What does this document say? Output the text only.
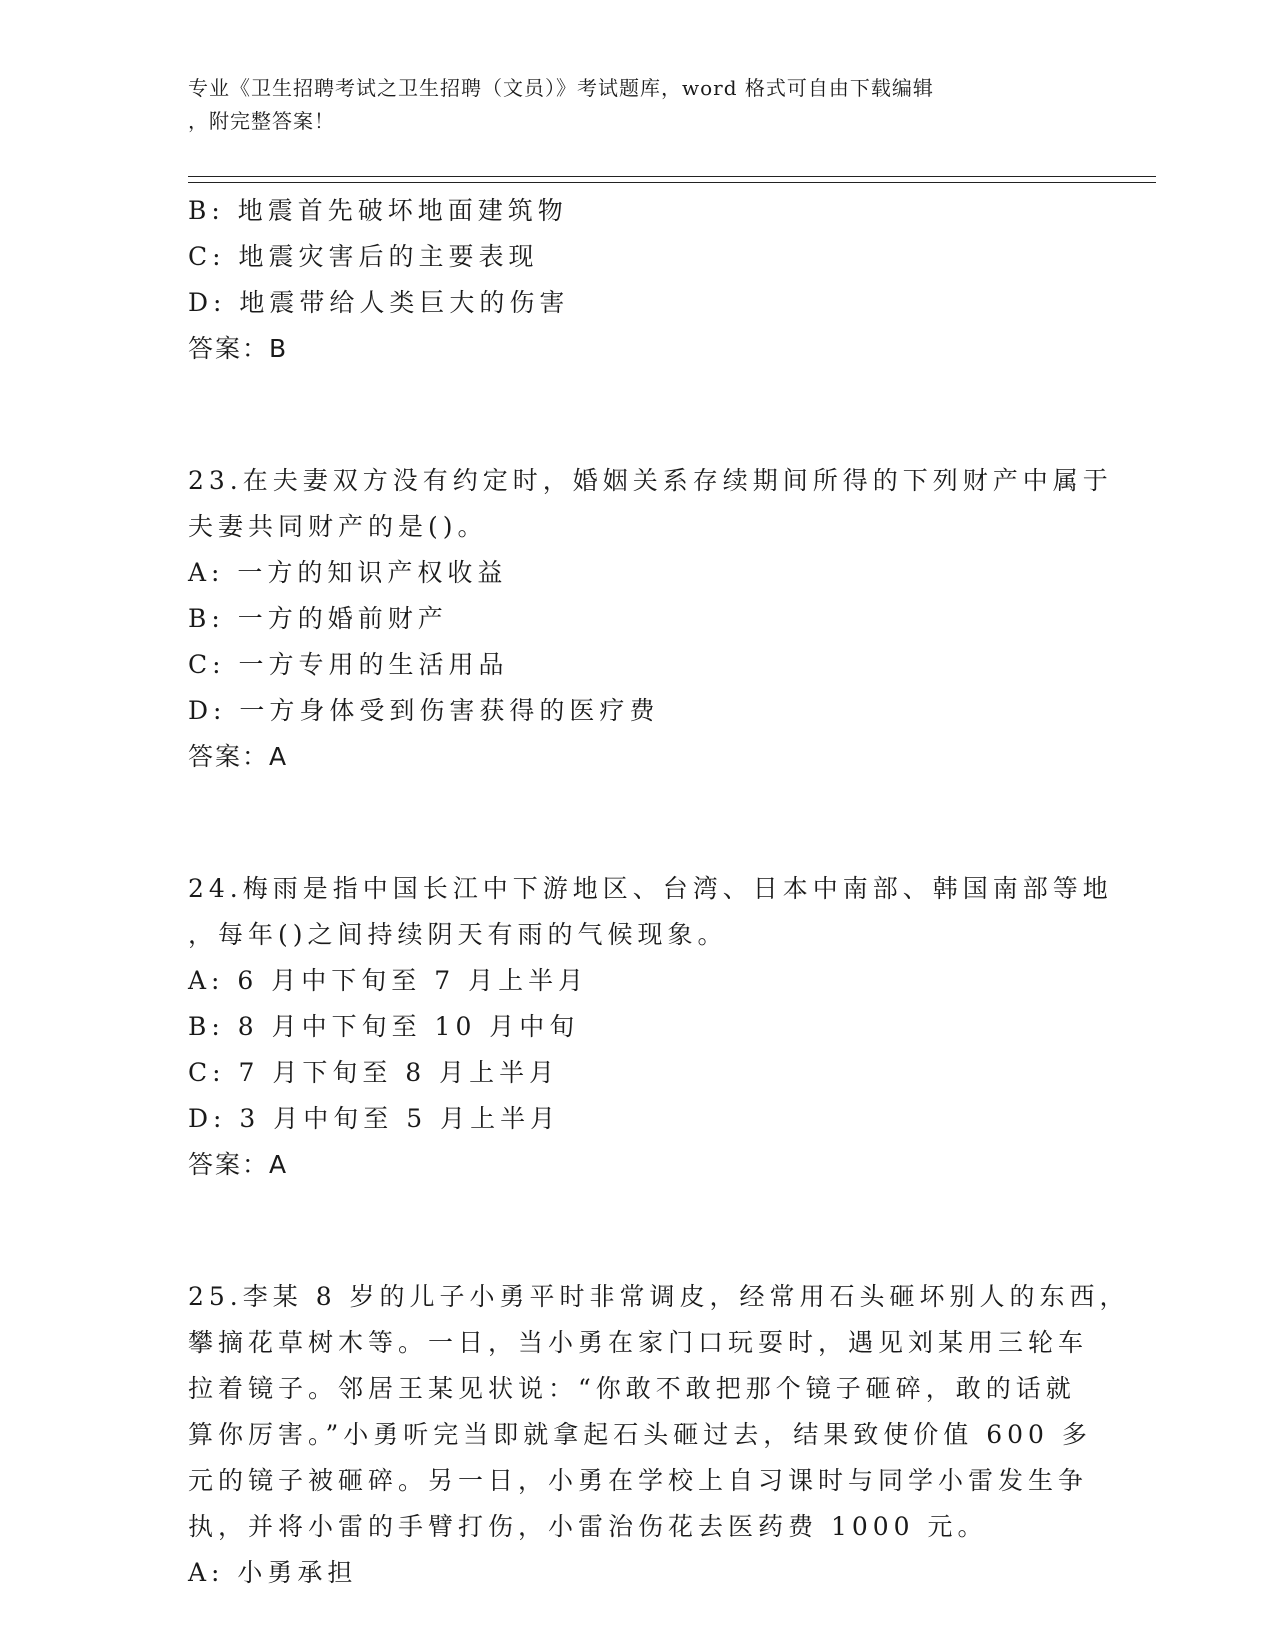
专业《卫生招聘考试之卫生招聘（文员）》考试题库，word 格式可自由下载编辑
，附完整答案！
B: 地震首先破坏地面建筑物
C: 地震灾害后的主要表现
D: 地震带给人类巨大的伤害
答案：B
23.在夫妻双方没有约定时，婚姻关系存续期间所得的下列财产中属于
夫妻共同财产的是()。
A: 一方的知识产权收益
B: 一方的婚前财产
C: 一方专用的生活用品
D: 一方身体受到伤害获得的医疗费
答案：A
24.梅雨是指中国长江中下游地区、台湾、日本中南部、韩国南部等地
，每年()之间持续阴天有雨的气候现象。
A: 6 月中下旬至 7 月上半月
B: 8 月中下旬至 10 月中旬
C: 7 月下旬至 8 月上半月
D: 3 月中旬至 5 月上半月
答案：A
25.李某 8 岁的儿子小勇平时非常调皮，经常用石头砸坏别人的东西，
攀摘花草树木等。一日，当小勇在家门口玩耍时，遇见刘某用三轮车
拉着镜子。邻居王某见状说：“你敢不敢把那个镜子砸碎，敢的话就
算你厉害。”小勇听完当即就拿起石头砸过去，结果致使价值 600 多
元的镜子被砸碎。另一日，小勇在学校上自习课时与同学小雷发生争
执，并将小雷的手臂打伤，小雷治伤花去医药费 1000 元。
A: 小勇承担
